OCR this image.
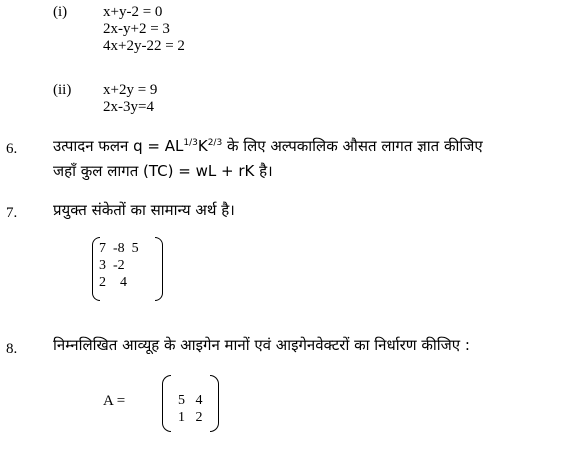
(i) x+y-2 = 0
2x-y+2 = 3
4x+2y-22 = 2
(ii) x+2y = 9
2x-3y=4
6. उत्पादन फलन $q = AL^{1/3}K^{2/3}$ के लिए अल्पकालिक औसत लागत ज्ञात कीजिए
जहाँ कुल लागत (TC) = wL + rK है।
7. प्रयुक्त संकेतों का सामान्य अर्थ है।
7  -8  5
3  -2
2    4
8. निम्नलिखित आव्यूह के आइगेन मानों एवं आइगेनवेक्टरों का निर्धारण कीजिए :
A =	5   4
1   2
